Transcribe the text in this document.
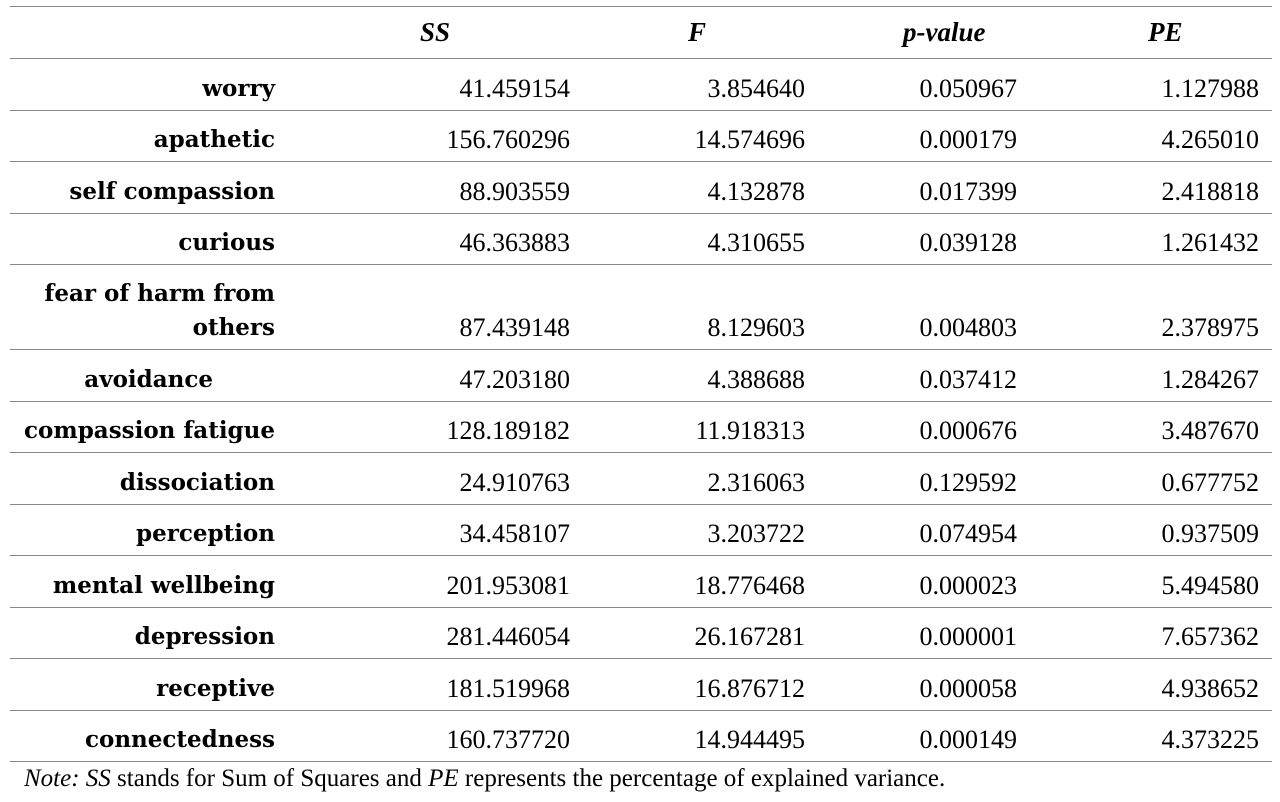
	SS	F	p-value	PE
worry	41.459154	3.854640	0.050967	1.127988
apathetic	156.760296	14.574696	0.000179	4.265010
self compassion	88.903559	4.132878	0.017399	2.418818
curious	46.363883	4.310655	0.039128	1.261432
fear of harm from others	87.439148	8.129603	0.004803	2.378975
avoidance	47.203180	4.388688	0.037412	1.284267
compassion fatigue	128.189182	11.918313	0.000676	3.487670
dissociation	24.910763	2.316063	0.129592	0.677752
perception	34.458107	3.203722	0.074954	0.937509
mental wellbeing	201.953081	18.776468	0.000023	5.494580
depression	281.446054	26.167281	0.000001	7.657362
receptive	181.519968	16.876712	0.000058	4.938652
connectedness	160.737720	14.944495	0.000149	4.373225
Note: SS stands for Sum of Squares and PE represents the percentage of explained variance.
